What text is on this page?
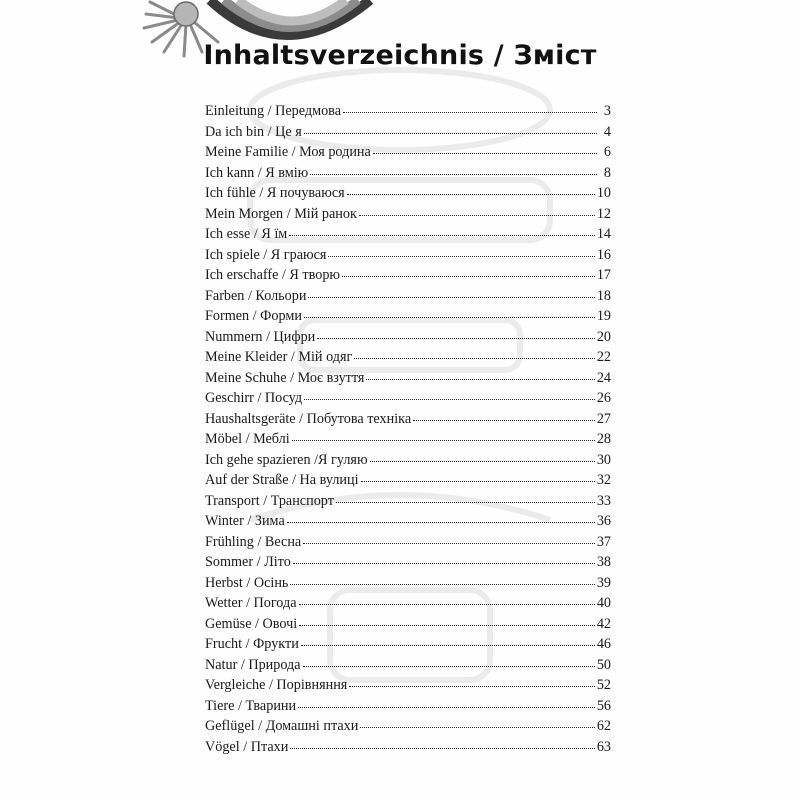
Inhaltsverzeichnis / Зміст
Einleitung / Передмова	3
Da ich bin / Це я	4
Meine Familie / Моя родина	6
Ich kann / Я вмію	8
Ich fühle / Я почуваюся	10
Mein Morgen / Мій ранок	12
Ich esse / Я їм	14
Ich spiele / Я граюся	16
Ich erschaffe / Я творю	17
Farben / Кольори	18
Formen / Форми	19
Nummern / Цифри	20
Meine Kleider / Мій одяг	22
Meine Schuhe / Моє взуття	24
Geschirr / Посуд	26
Haushaltsgeräte / Побутова техніка	27
Möbel / Меблі	28
Ich gehe spazieren /Я гуляю	30
Auf der Straße / На вулиці	32
Transport / Транспорт	33
Winter / Зима	36
Frühling / Весна	37
Sommer / Літо	38
Herbst / Осінь	39
Wetter / Погода	40
Gemüse / Овочі	42
Frucht / Фрукти	46
Natur / Природа	50
Vergleiche / Порівняння	52
Tiere / Тварини	56
Geflügel / Домашні птахи	62
Vögel / Птахи	63
